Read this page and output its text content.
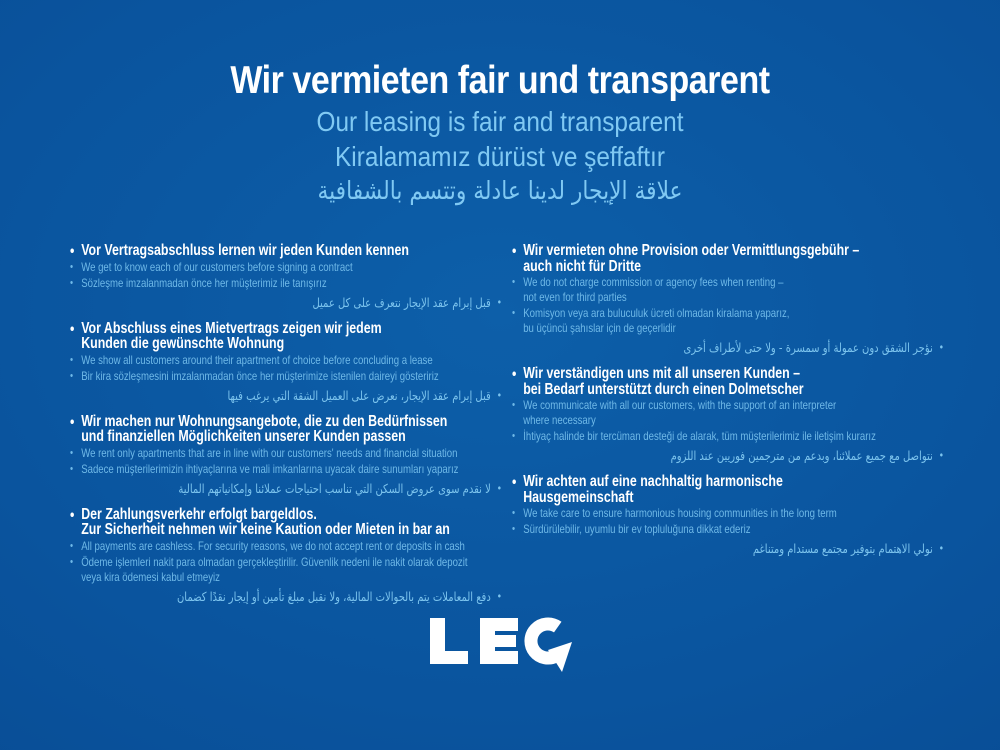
Wir vermieten fair und transparent
Our leasing is fair and transparent
Kiralamamız dürüst ve şeffaftır
علاقة الإيجار لدينا عادلة وتتسم بالشفافية
• Vor Vertragsabschluss lernen wir jeden Kunden kennen
• We get to know each of our customers before signing a contract
• Sözleşme imzalanmadan önce her müşterimiz ile tanışırız
•
قبل إبرام عقد الإيجار نتعرف على كل عميل
• Vor Abschluss eines Mietvertrags zeigen wir jedem
Kunden die gewünschte Wohnung
• We show all customers around their apartment of choice before concluding a lease
• Bir kira sözleşmesini imzalanmadan önce her müşterimize istenilen daireyi gösteririz
•
قبل إبرام عقد الإيجار، نعرض على العميل الشقة التي يرغب فيها
• Wir machen nur Wohnungsangebote, die zu den Bedürfnissen
und finanziellen Möglichkeiten unserer Kunden passen
• We rent only apartments that are in line with our customers' needs and financial situation
• Sadece müşterilerimizin ihtiyaçlarına ve mali imkanlarına uyacak daire sunumları yaparız
•
لا نقدم سوى عروض السكن التي تناسب احتياجات عملائنا وإمكانياتهم المالية
• Der Zahlungsverkehr erfolgt bargeldlos.
Zur Sicherheit nehmen wir keine Kaution oder Mieten in bar an
• All payments are cashless. For security reasons, we do not accept rent or deposits in cash
• Ödeme işlemleri nakit para olmadan gerçekleştirilir. Güvenlik nedeni ile nakit olarak depozit
veya kira ödemesi kabul etmeyiz
•
دفع المعاملات يتم بالحوالات المالية، ولا نقبل مبلغ تأمين أو إيجار نقدًا كضمان
• Wir vermieten ohne Provision oder Vermittlungsgebühr –
auch nicht für Dritte
• We do not charge commission or agency fees when renting –
not even for third parties
• Komisyon veya ara buluculuk ücreti olmadan kiralama yaparız,
bu üçüncü şahıslar için de geçerlidir
•
نؤجر الشقق دون عمولة أو سمسرة - ولا حتى لأطراف أخرى
• Wir verständigen uns mit all unseren Kunden –
bei Bedarf unterstützt durch einen Dolmetscher
• We communicate with all our customers, with the support of an interpreter
where necessary
• İhtiyaç halinde bir tercüman desteği de alarak, tüm müşterilerimiz ile iletişim kurarız
•
نتواصل مع جميع عملائنا، وبدعم من مترجمين فوريين عند اللزوم
• Wir achten auf eine nachhaltig harmonische
Hausgemeinschaft
• We take care to ensure harmonious housing communities in the long term
• Sürdürülebilir, uyumlu bir ev topluluğuna dikkat ederiz
•
نولي الاهتمام بتوفير مجتمع مستدام ومتناغم
